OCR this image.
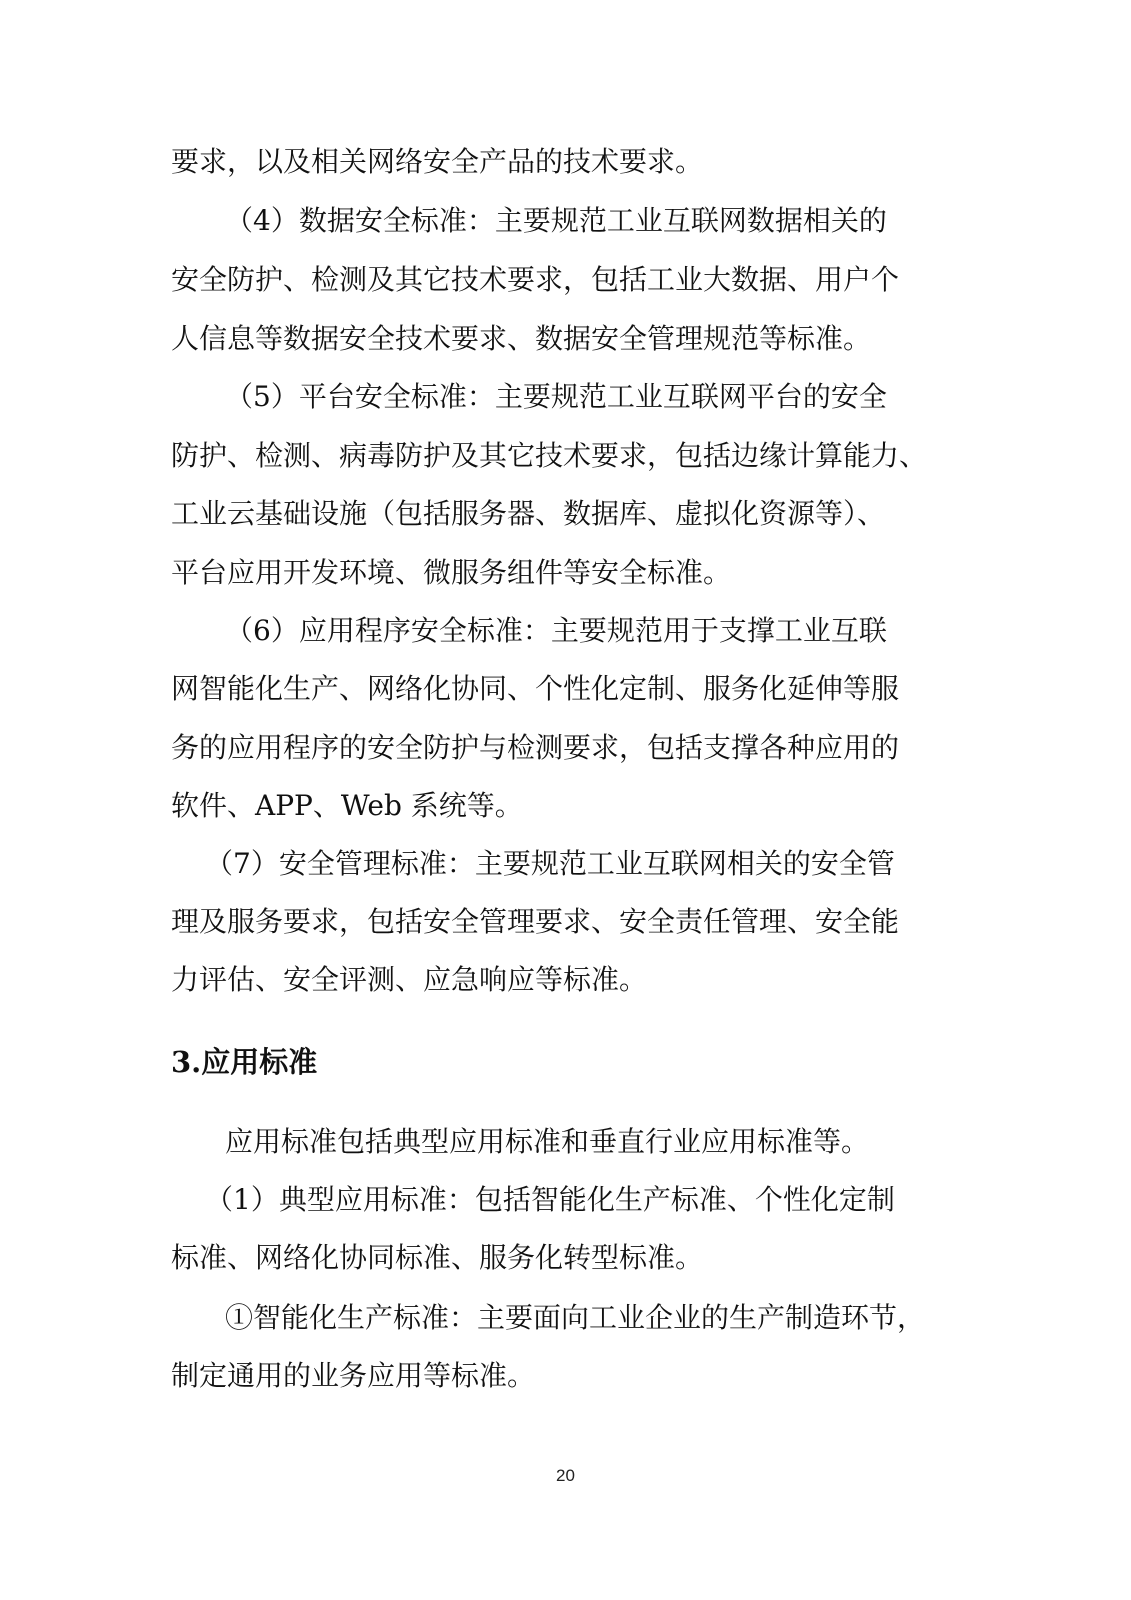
要求，以及相关网络安全产品的技术要求。
（4）数据安全标准：主要规范工业互联网数据相关的
安全防护、检测及其它技术要求，包括工业大数据、用户个
人信息等数据安全技术要求、数据安全管理规范等标准。
（5）平台安全标准：主要规范工业互联网平台的安全
防护、检测、病毒防护及其它技术要求，包括边缘计算能力、
工业云基础设施（包括服务器、数据库、虚拟化资源等）、
平台应用开发环境、微服务组件等安全标准。
（6）应用程序安全标准：主要规范用于支撑工业互联
网智能化生产、网络化协同、个性化定制、服务化延伸等服
务的应用程序的安全防护与检测要求，包括支撑各种应用的
软件、APP、Web 系统等。
（7）安全管理标准：主要规范工业互联网相关的安全管
理及服务要求，包括安全管理要求、安全责任管理、安全能
力评估、安全评测、应急响应等标准。
3.应用标准
应用标准包括典型应用标准和垂直行业应用标准等。
（1）典型应用标准：包括智能化生产标准、个性化定制
标准、网络化协同标准、服务化转型标准。
①智能化生产标准：主要面向工业企业的生产制造环节，
制定通用的业务应用等标准。
20
